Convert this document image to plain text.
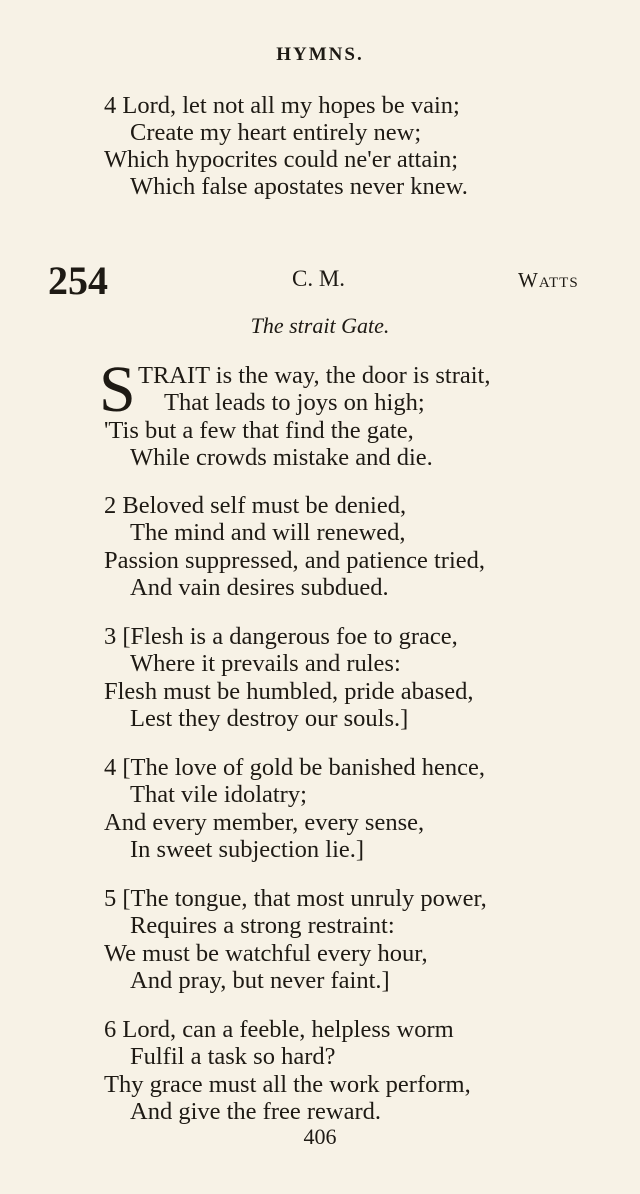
HYMNS.
4 Lord, let not all my hopes be vain;
Create my heart entirely new;
Which hypocrites could ne'er attain;
Which false apostates never knew.
254	C. M.	Watts
The strait Gate.
S TRAIT is the way, the door is strait,
That leads to joys on high;
'Tis but a few that find the gate,
While crowds mistake and die.
2 Beloved self must be denied,
The mind and will renewed,
Passion suppressed, and patience tried,
And vain desires subdued.
3 [Flesh is a dangerous foe to grace,
Where it prevails and rules:
Flesh must be humbled, pride abased,
Lest they destroy our souls.]
4 [The love of gold be banished hence,
That vile idolatry;
And every member, every sense,
In sweet subjection lie.]
5 [The tongue, that most unruly power,
Requires a strong restraint:
We must be watchful every hour,
And pray, but never faint.]
6 Lord, can a feeble, helpless worm
Fulfil a task so hard?
Thy grace must all the work perform,
And give the free reward.
406
